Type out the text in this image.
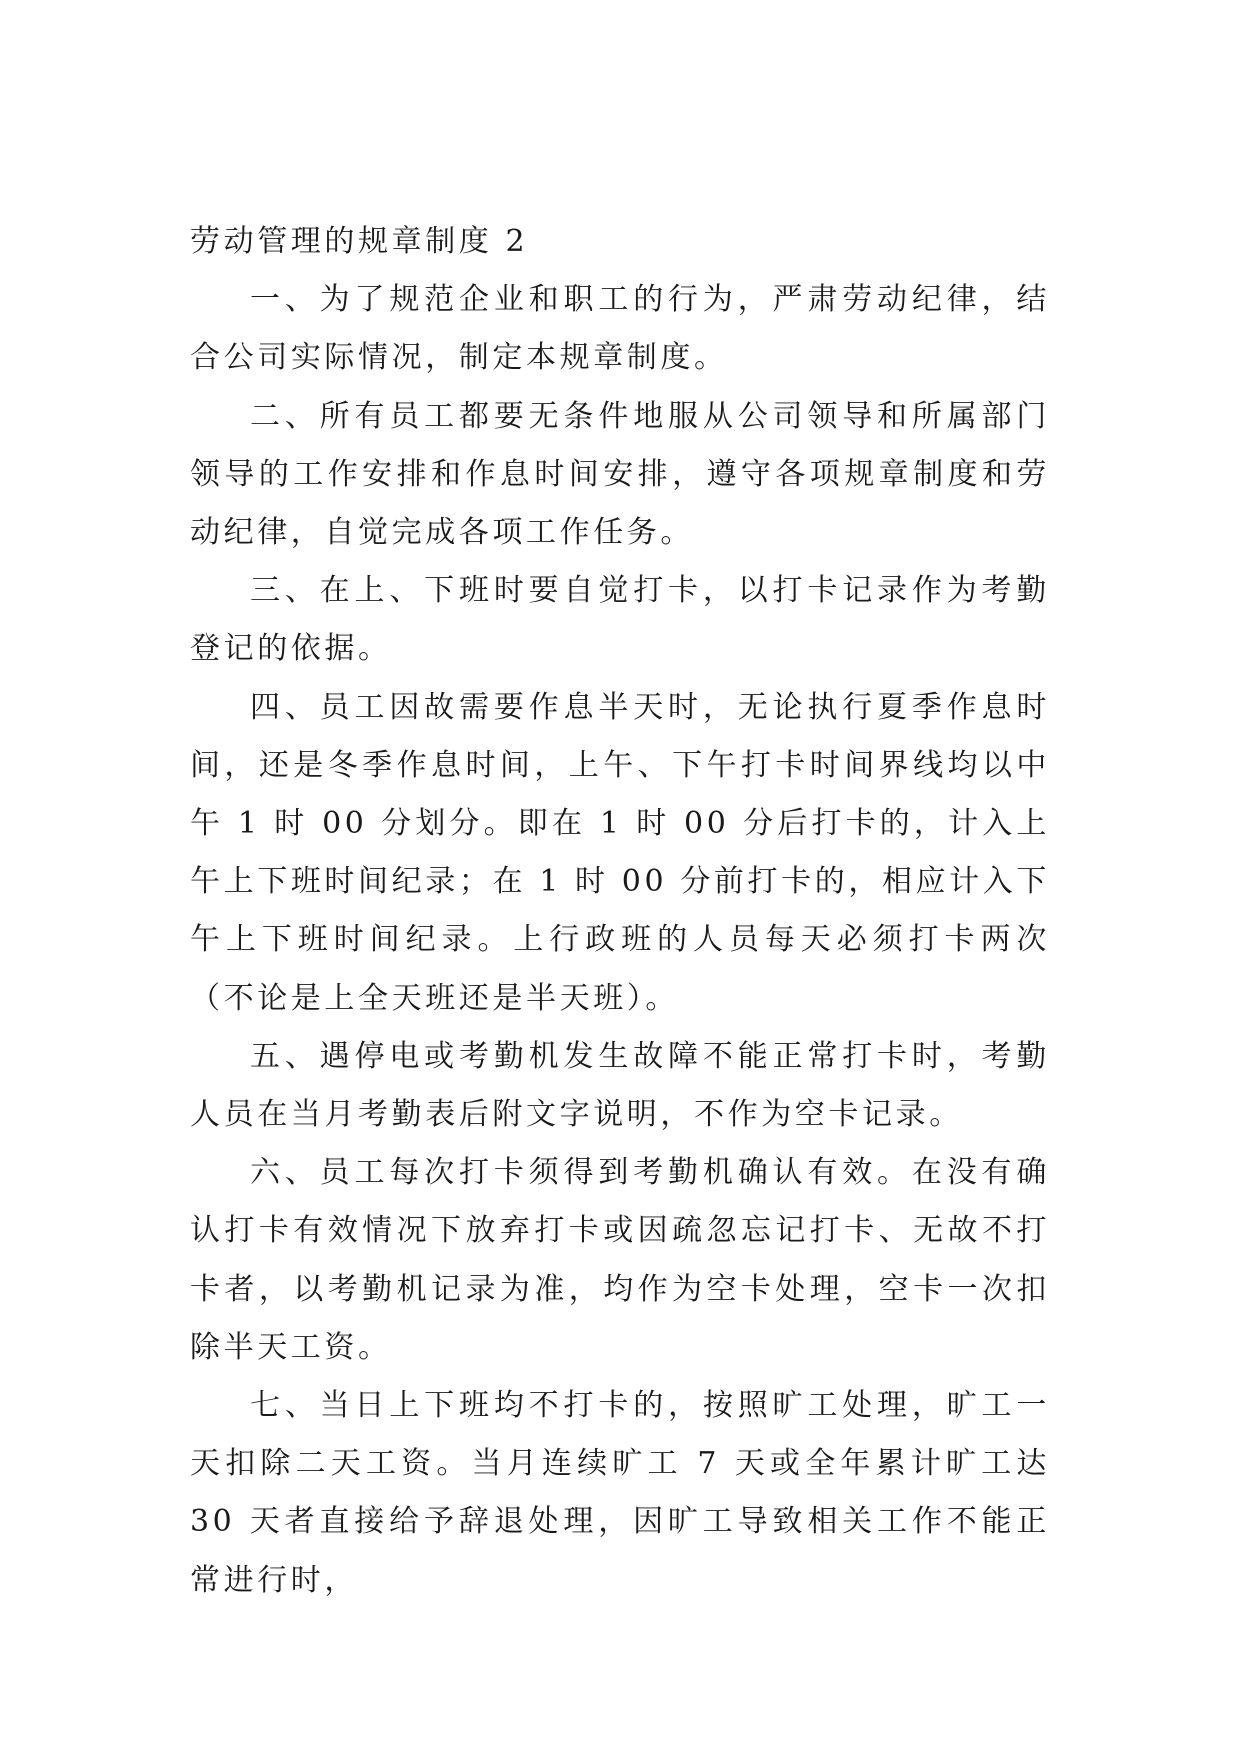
劳动管理的规章制度 2

一、为了规范企业和职工的行为，严肃劳动纪律，结合公司实际情况，制定本规章制度。

二、所有员工都要无条件地服从公司领导和所属部门领导的工作安排和作息时间安排，遵守各项规章制度和劳动纪律，自觉完成各项工作任务。

三、在上、下班时要自觉打卡，以打卡记录作为考勤登记的依据。

四、员工因故需要作息半天时，无论执行夏季作息时间，还是冬季作息时间，上午、下午打卡时间界线均以中午 1 时 00 分划分。即在 1 时 00 分后打卡的，计入上午上下班时间纪录；在 1 时 00 分前打卡的，相应计入下午上下班时间纪录。上行政班的人员每天必须打卡两次（不论是上全天班还是半天班）。

五、遇停电或考勤机发生故障不能正常打卡时，考勤人员在当月考勤表后附文字说明，不作为空卡记录。

六、员工每次打卡须得到考勤机确认有效。在没有确认打卡有效情况下放弃打卡或因疏忽忘记打卡、无故不打卡者，以考勤机记录为准，均作为空卡处理，空卡一次扣除半天工资。

七、当日上下班均不打卡的，按照旷工处理，旷工一天扣除二天工资。当月连续旷工 7 天或全年累计旷工达 30 天者直接给予辞退处理，因旷工导致相关工作不能正常进行时，
